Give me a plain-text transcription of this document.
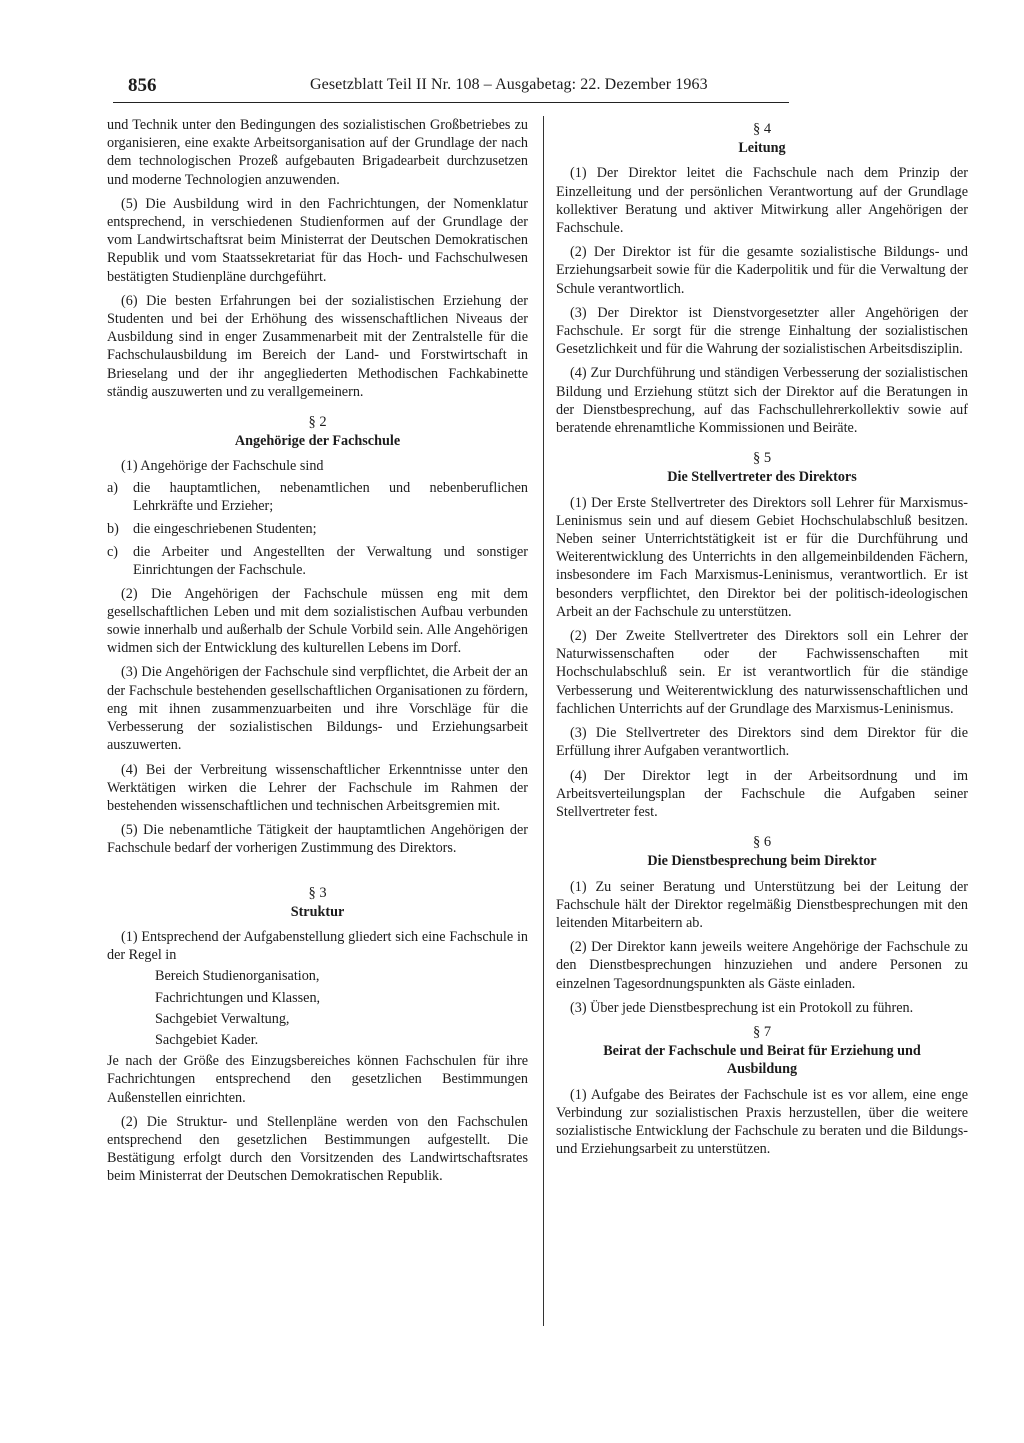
856	Gesetzblatt Teil II Nr. 108 – Ausgabetag: 22. Dezember 1963

und Technik unter den Bedingungen des sozialistischen Großbetriebes zu organisieren, eine exakte Arbeitsorganisation auf der Grundlage der nach dem technologischen Prozeß aufgebauten Brigadearbeit durchzusetzen und moderne Technologien anzuwenden.

(5) Die Ausbildung wird in den Fachrichtungen, der Nomenklatur entsprechend, in verschiedenen Studienformen auf der Grundlage der vom Landwirtschaftsrat beim Ministerrat der Deutschen Demokratischen Republik und vom Staatssekretariat für das Hoch- und Fachschulwesen bestätigten Studienpläne durchgeführt.

(6) Die besten Erfahrungen bei der sozialistischen Erziehung der Studenten und bei der Erhöhung des wissenschaftlichen Niveaus der Ausbildung sind in enger Zusammenarbeit mit der Zentralstelle für die Fachschulausbildung im Bereich der Land- und Forstwirtschaft in Brieselang und der ihr angegliederten Methodischen Fachkabinette ständig auszuwerten und zu verallgemeinern.

§ 2
Angehörige der Fachschule

(1) Angehörige der Fachschule sind

a)	die hauptamtlichen, nebenamtlichen und nebenberuflichen Lehrkräfte und Erzieher;
b) die eingeschriebenen Studenten;
c)	die Arbeiter und Angestellten der Verwaltung und sonstiger Einrichtungen der Fachschule.

(2) Die Angehörigen der Fachschule müssen eng mit dem gesellschaftlichen Leben und mit dem sozialistischen Aufbau verbunden sowie innerhalb und außerhalb der Schule Vorbild sein. Alle Angehörigen widmen sich der Entwicklung des kulturellen Lebens im Dorf.

(3) Die Angehörigen der Fachschule sind verpflichtet, die Arbeit der an der Fachschule bestehenden gesellschaftlichen Organisationen zu fördern, eng mit ihnen zusammenzuarbeiten und ihre Vorschläge für die Verbesserung der sozialistischen Bildungs- und Erziehungsarbeit auszuwerten.

(4) Bei der Verbreitung wissenschaftlicher Erkenntnisse unter den Werktätigen wirken die Lehrer der Fachschule im Rahmen der bestehenden wissenschaftlichen und technischen Arbeitsgremien mit.

(5) Die nebenamtliche Tätigkeit der hauptamtlichen Angehörigen der Fachschule bedarf der vorherigen Zustimmung des Direktors.

§ 3
Struktur

(1) Entsprechend der Aufgabenstellung gliedert sich eine Fachschule in der Regel in

Bereich Studienorganisation,
Fachrichtungen und Klassen,
Sachgebiet Verwaltung,
Sachgebiet Kader.

Je nach der Größe des Einzugsbereiches können Fachschulen für ihre Fachrichtungen entsprechend den gesetzlichen Bestimmungen Außenstellen einrichten.

(2) Die Struktur- und Stellenpläne werden von den Fachschulen entsprechend den gesetzlichen Bestimmungen aufgestellt. Die Bestätigung erfolgt durch den Vorsitzenden des Landwirtschaftsrates beim Ministerrat der Deutschen Demokratischen Republik.

§ 4
Leitung

(1) Der Direktor leitet die Fachschule nach dem Prinzip der Einzelleitung und der persönlichen Verantwortung auf der Grundlage kollektiver Beratung und aktiver Mitwirkung aller Angehörigen der Fachschule.

(2) Der Direktor ist für die gesamte sozialistische Bildungs- und Erziehungsarbeit sowie für die Kaderpolitik und für die Verwaltung der Schule verantwortlich.

(3) Der Direktor ist Dienstvorgesetzter aller Angehörigen der Fachschule. Er sorgt für die strenge Einhaltung der sozialistischen Gesetzlichkeit und für die Wahrung der sozialistischen Arbeitsdisziplin.

(4) Zur Durchführung und ständigen Verbesserung der sozialistischen Bildung und Erziehung stützt sich der Direktor auf die Beratungen in der Dienstbesprechung, auf das Fachschullehrerkollektiv sowie auf beratende ehrenamtliche Kommissionen und Beiräte.

§ 5
Die Stellvertreter des Direktors

(1) Der Erste Stellvertreter des Direktors soll Lehrer für Marxismus-Leninismus sein und auf diesem Gebiet Hochschulabschluß besitzen. Neben seiner Unterrichtstätigkeit ist er für die Durchführung und Weiterentwicklung des Unterrichts in den allgemeinbildenden Fächern, insbesondere im Fach Marxismus-Leninismus, verantwortlich. Er ist besonders verpflichtet, den Direktor bei der politisch-ideologischen Arbeit an der Fachschule zu unterstützen.

(2) Der Zweite Stellvertreter des Direktors soll ein Lehrer der Naturwissenschaften oder der Fachwissenschaften mit Hochschulabschluß sein. Er ist verantwortlich für die ständige Verbesserung und Weiterentwicklung des naturwissenschaftlichen und fachlichen Unterrichts auf der Grundlage des Marxismus-Leninismus.

(3) Die Stellvertreter des Direktors sind dem Direktor für die Erfüllung ihrer Aufgaben verantwortlich.

(4) Der Direktor legt in der Arbeitsordnung und im Arbeitsverteilungsplan der Fachschule die Aufgaben seiner Stellvertreter fest.

§ 6
Die Dienstbesprechung beim Direktor

(1) Zu seiner Beratung und Unterstützung bei der Leitung der Fachschule hält der Direktor regelmäßig Dienstbesprechungen mit den leitenden Mitarbeitern ab.

(2) Der Direktor kann jeweils weitere Angehörige der Fachschule zu den Dienstbesprechungen hinzuziehen und andere Personen zu einzelnen Tagesordnungspunkten als Gäste einladen.

(3) Über jede Dienstbesprechung ist ein Protokoll zu führen.

§ 7
Beirat der Fachschule und Beirat für Erziehung und Ausbildung

(1) Aufgabe des Beirates der Fachschule ist es vor allem, eine enge Verbindung zur sozialistischen Praxis herzustellen, über die weitere sozialistische Entwicklung der Fachschule zu beraten und die Bildungs- und Erziehungsarbeit zu unterstützen.
